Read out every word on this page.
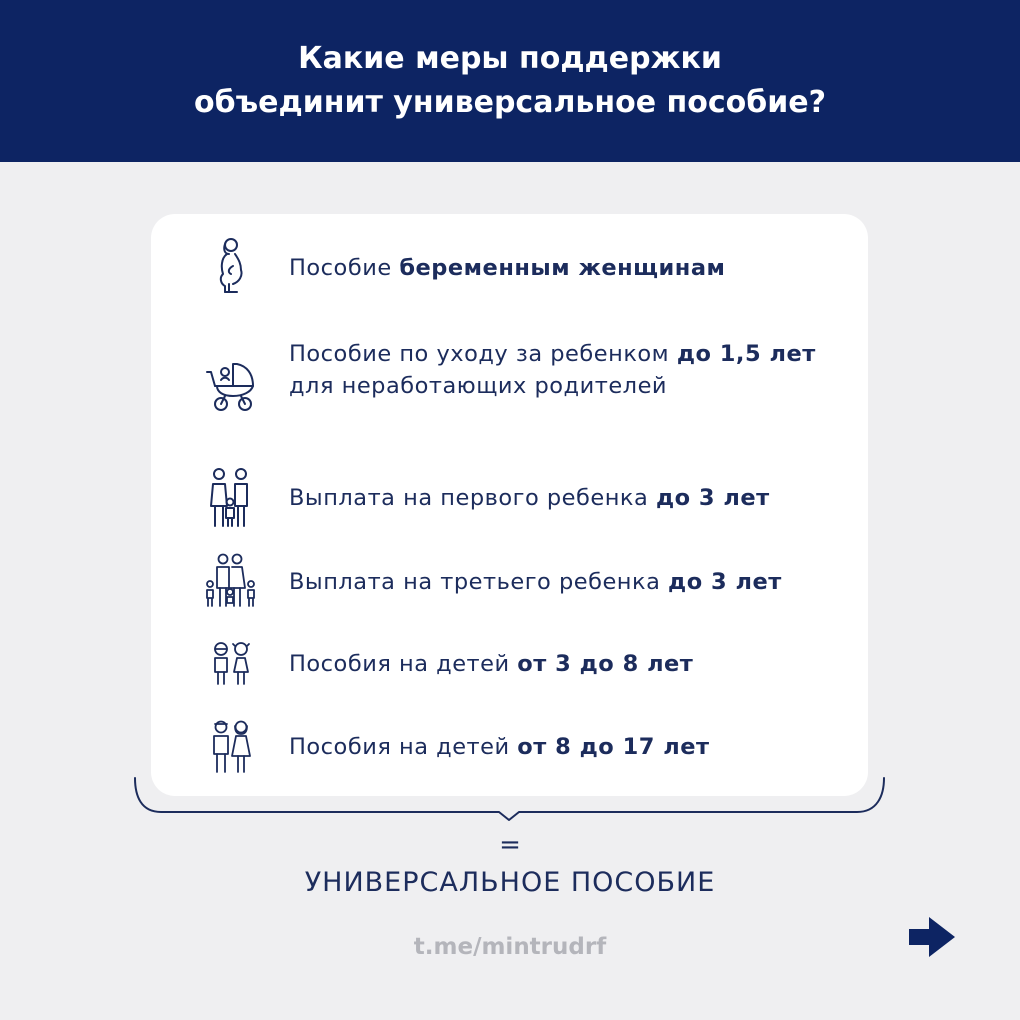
Какие меры поддержки
объединит универсальное пособие?
Пособие беременным женщинам
Пособие по уходу за ребенком до 1,5 лет для неработающих родителей
Выплата на первого ребенка до 3 лет
Выплата на третьего ребенка до 3 лет
Пособия на детей от 3 до 8 лет
Пособия на детей от 8 до 17 лет
=
УНИВЕРСАЛЬНОЕ ПОСОБИЕ
t.me/mintrudrf
